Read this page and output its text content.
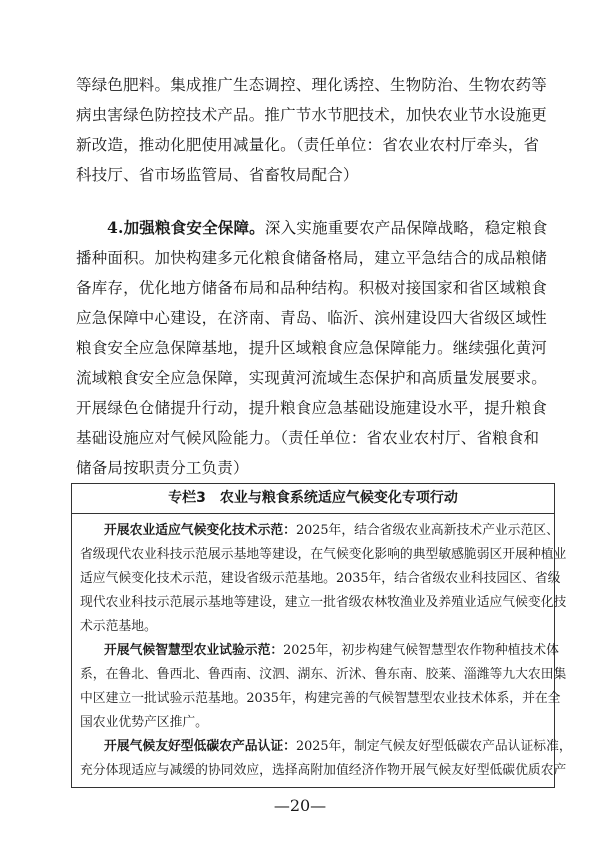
等绿色肥料。集成推广生态调控、理化诱控、生物防治、生物农药等
病虫害绿色防控技术产品。推广节水节肥技术，加快农业节水设施更
新改造，推动化肥使用减量化。（责任单位：省农业农村厅牵头，省
科技厅、省市场监管局、省畜牧局配合）
4.加强粮食安全保障。深入实施重要农产品保障战略，稳定粮食
播种面积。加快构建多元化粮食储备格局，建立平急结合的成品粮储
备库存，优化地方储备布局和品种结构。积极对接国家和省区域粮食
应急保障中心建设，在济南、青岛、临沂、滨州建设四大省级区域性
粮食安全应急保障基地，提升区域粮食应急保障能力。继续强化黄河
流域粮食安全应急保障，实现黄河流域生态保护和高质量发展要求。
开展绿色仓储提升行动，提升粮食应急基础设施建设水平，提升粮食
基础设施应对气候风险能力。（责任单位：省农业农村厅、省粮食和
储备局按职责分工负责）
专栏3　农业与粮食系统适应气候变化专项行动
开展农业适应气候变化技术示范：2025年，结合省级农业高新技术产业示范区、
省级现代农业科技示范展示基地等建设，在气候变化影响的典型敏感脆弱区开展种植业
适应气候变化技术示范，建设省级示范基地。2035年，结合省级农业科技园区、省级
现代农业科技示范展示基地等建设，建立一批省级农林牧渔业及养殖业适应气候变化技
术示范基地。
开展气候智慧型农业试验示范：2025年，初步构建气候智慧型农作物种植技术体
系，在鲁北、鲁西北、鲁西南、汶泗、湖东、沂沭、鲁东南、胶莱、淄潍等九大农田集
中区建立一批试验示范基地。2035年，构建完善的气候智慧型农业技术体系，并在全
国农业优势产区推广。
开展气候友好型低碳农产品认证：2025年，制定气候友好型低碳农产品认证标准，
充分体现适应与减缓的协同效应，选择高附加值经济作物开展气候友好型低碳优质农产
—20—
